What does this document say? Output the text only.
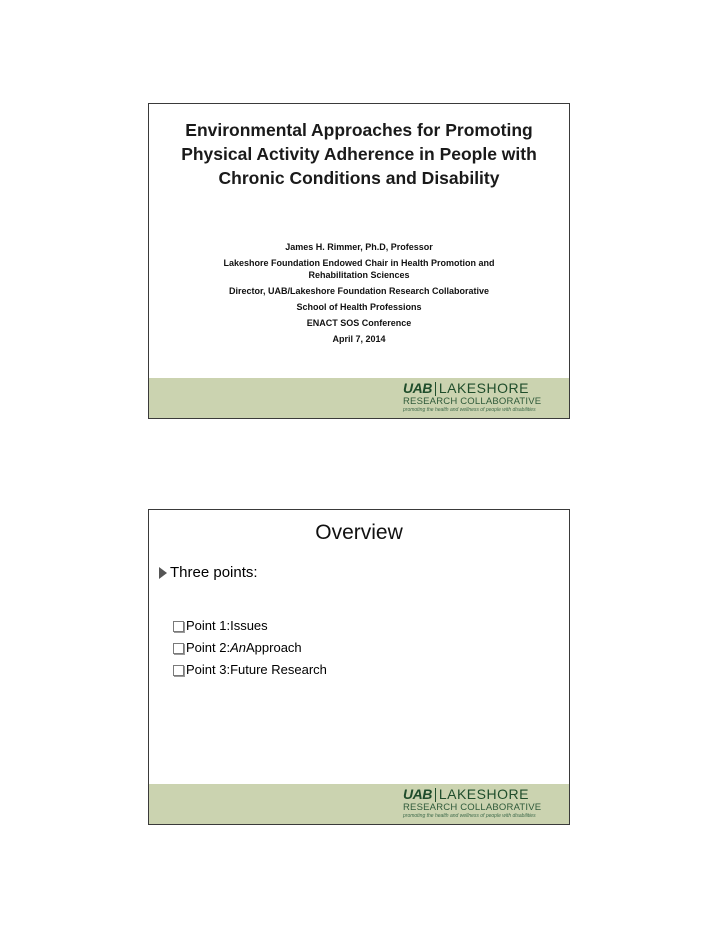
Environmental Approaches for Promoting Physical Activity Adherence in People with Chronic Conditions and Disability
James H. Rimmer, Ph.D, Professor
Lakeshore Foundation Endowed Chair in Health Promotion and
Rehabilitation Sciences
Director, UAB/Lakeshore Foundation Research Collaborative
School of Health Professions
ENACT SOS Conference
April 7, 2014
UAB LAKESHORE
RESEARCH COLLABORATIVE
promoting the health and wellness of people with disabilities
Overview
Three points:
Point 1: Issues
Point 2: An Approach
Point 3: Future Research
UAB LAKESHORE
RESEARCH COLLABORATIVE
promoting the health and wellness of people with disabilities
